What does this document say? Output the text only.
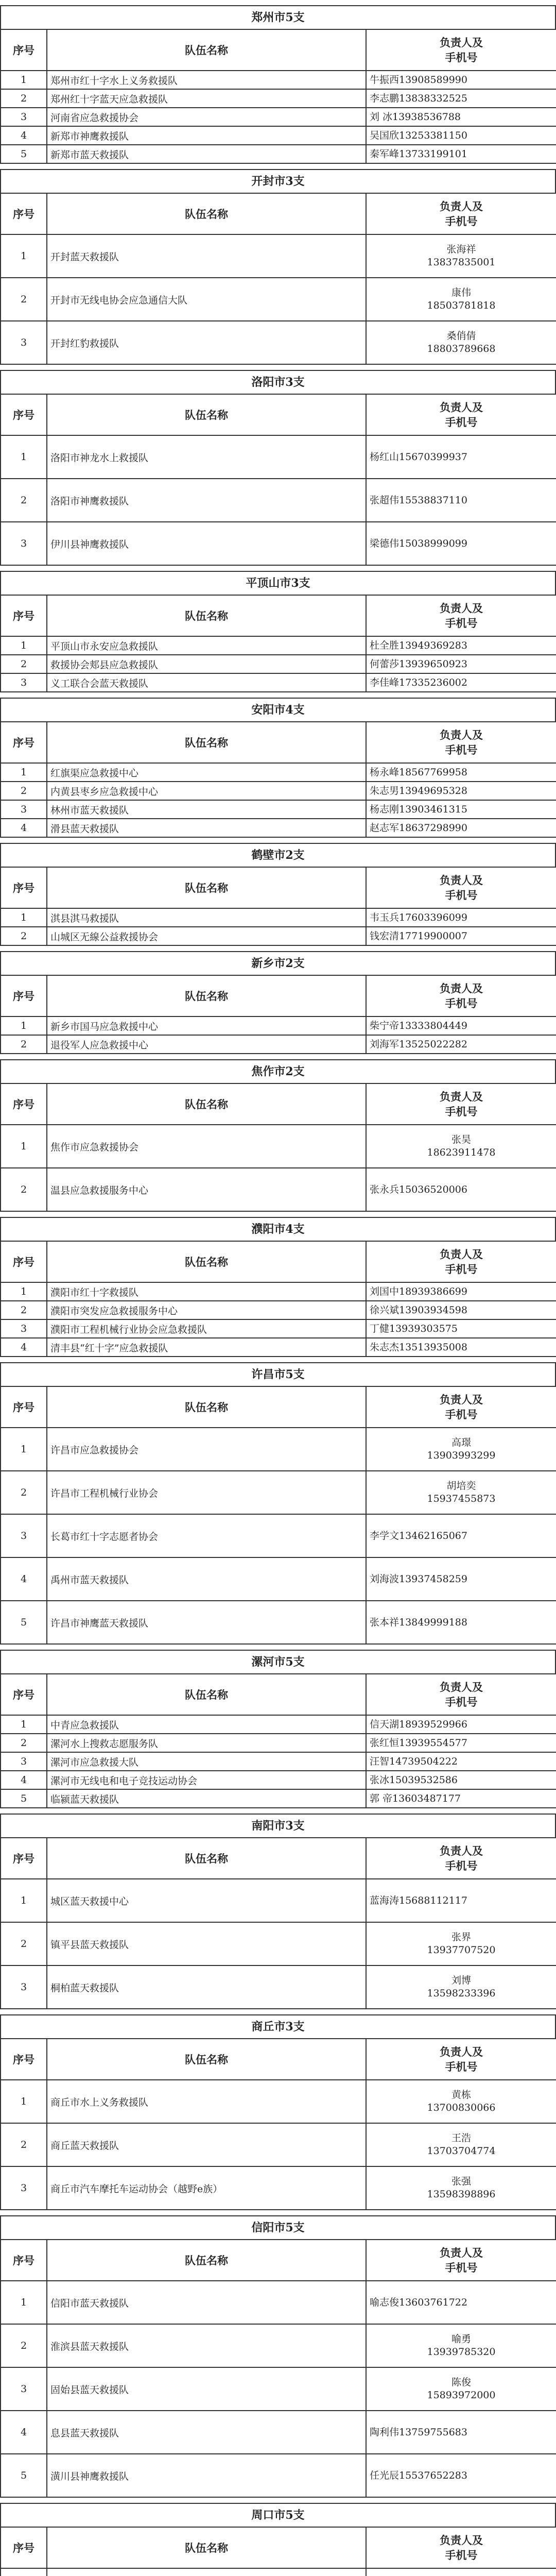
郑州市5支
序号	队伍名称	负责人及
手机号

1	郑州市红十字水上义务救援队	牛振西13908589990
2	郑州红十字蓝天应急救援队	李志鹏13838332525
3	河南省应急救援协会	刘 冰13938536788
4	新郑市神鹰救援队	吴国欣13253381150
5	新郑市蓝天救援队	秦军峰13733199101
开封市3支
序号	队伍名称	负责人及
手机号

1	开封蓝天救援队	张海祥
13837835001
2	开封市无线电协会应急通信大队	康伟
18503781818
3	开封红豹救援队	桑俏倩
18803789668
洛阳市3支
序号	队伍名称	负责人及
手机号

1	洛阳市神龙水上救援队	杨红山15670399937
2	洛阳市神鹰救援队	张超伟15538837110
3	伊川县神鹰救援队	梁德伟15038999099
平顶山市3支
序号	队伍名称	负责人及
手机号

1	平顶山市永安应急救援队	杜全胜13949369283
2	救援协会郏县应急救援队	何蕾莎13939650923
3	义工联合会蓝天救援队	李佳峰17335236002
安阳市4支
序号	队伍名称	负责人及
手机号

1	红旗渠应急救援中心	杨永峰18567769958
2	内黄县枣乡应急救援中心	朱志男13949695328
3	林州市蓝天救援队	杨志刚13903461315
4	滑县蓝天救援队	赵志军18637298990
鹤壁市2支
序号	队伍名称	负责人及
手机号

1	淇县淇马救援队	韦玉兵17603396099
2	山城区无線公益救援协会	钱宏清17719900007
新乡市2支
序号	队伍名称	负责人及
手机号

1	新乡市国马应急救援中心	柴宁帝13333804449
2	退役军人应急救援中心	刘海军13525022282
焦作市2支
序号	队伍名称	负责人及
手机号

1	焦作市应急救援协会	张昊
18623911478
2	温县应急救援服务中心	张永兵15036520006
濮阳市4支
序号	队伍名称	负责人及
手机号

1	濮阳市红十字救援队	刘国中18939386699
2	濮阳市突发应急救援服务中心	徐兴斌13903934598
3	濮阳市工程机械行业协会应急救援队	丁健13939303575
4	清丰县“红十字”应急救援队	朱志杰13513935008
许昌市5支
序号	队伍名称	负责人及
手机号

1	许昌市应急救援协会	高璟
13903993299
2	许昌市工程机械行业协会	胡培奕
15937455873
3	长葛市红十字志愿者协会	李学文13462165067
4	禹州市蓝天救援队	刘海波13937458259
5	许昌市神鹰蓝天救援队	张本祥13849999188
漯河市5支
序号	队伍名称	负责人及
手机号

1	中青应急救援队	信天湖18939529966
2	漯河水上搜救志愿服务队	张红恒13939554577
3	漯河市应急救援大队	汪智14739504222
4	漯河市无线电和电子竞技运动协会	张冰15039532586
5	临颍蓝天救援队	郭 帝13603487177
南阳市3支
序号	队伍名称	负责人及
手机号

1	城区蓝天救援中心	蓝海涛15688112117
2	镇平县蓝天救援队	张界
13937707520
3	桐柏蓝天救援队	刘博
13598233396
商丘市3支
序号	队伍名称	负责人及
手机号

1	商丘市水上义务救援队	黄栋
13700830066
2	商丘蓝天救援队	王浩
13703704774
3	商丘市汽车摩托车运动协会（越野e族）	张强
13598398896
信阳市5支
序号	队伍名称	负责人及
手机号

1	信阳市蓝天救援队	喻志俊13603761722
2	淮滨县蓝天救援队	喻勇
13939785320
3	固始县蓝天救援队	陈俊
15893972000
4	息县蓝天救援队	陶利伟13759755683
5	潢川县神鹰救援队	任光辰15537652283
周口市5支
序号	队伍名称	负责人及
手机号
